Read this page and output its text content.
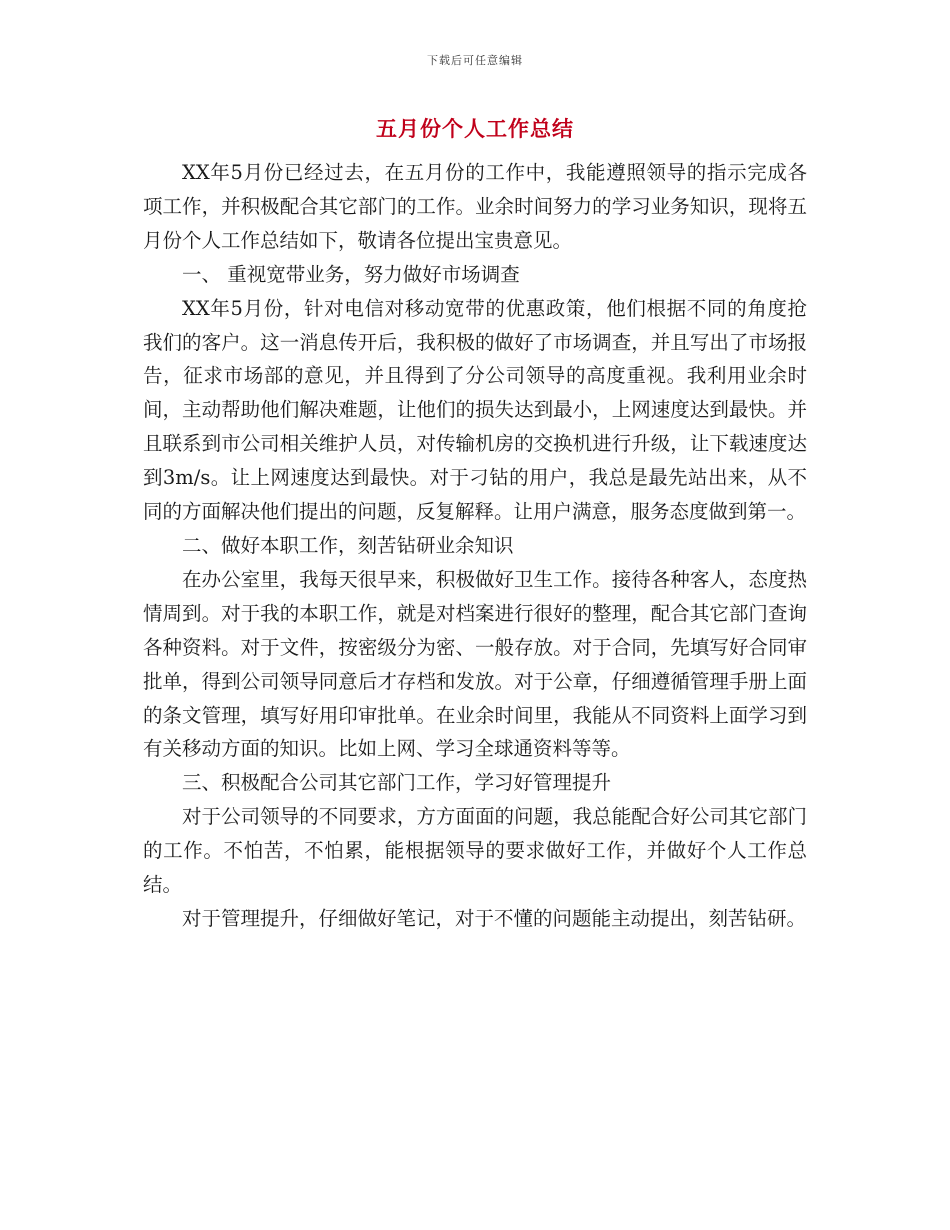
下载后可任意编辑
五月份个人工作总结

XX年5月份已经过去，在五月份的工作中，我能遵照领导的指示完成各项工作，并积极配合其它部门的工作。业余时间努力的学习业务知识，现将五月份个人工作总结如下，敬请各位提出宝贵意见。

一、 重视宽带业务，努力做好市场调查

XX年5月份，针对电信对移动宽带的优惠政策，他们根据不同的角度抢我们的客户。这一消息传开后，我积极的做好了市场调查，并且写出了市场报告，征求市场部的意见，并且得到了分公司领导的高度重视。我利用业余时间，主动帮助他们解决难题，让他们的损失达到最小，上网速度达到最快。并且联系到市公司相关维护人员，对传输机房的交换机进行升级，让下载速度达到3m/s。让上网速度达到最快。对于刁钻的用户，我总是最先站出来，从不同的方面解决他们提出的问题，反复解释。让用户满意，服务态度做到第一。

二、做好本职工作，刻苦钻研业余知识

在办公室里，我每天很早来，积极做好卫生工作。接待各种客人，态度热情周到。对于我的本职工作，就是对档案进行很好的整理，配合其它部门查询各种资料。对于文件，按密级分为密、一般存放。对于合同，先填写好合同审批单，得到公司领导同意后才存档和发放。对于公章，仔细遵循管理手册上面的条文管理，填写好用印审批单。在业余时间里，我能从不同资料上面学习到有关移动方面的知识。比如上网、学习全球通资料等等。

三、积极配合公司其它部门工作，学习好管理提升

对于公司领导的不同要求，方方面面的问题，我总能配合好公司其它部门的工作。不怕苦，不怕累，能根据领导的要求做好工作，并做好个人工作总结。

对于管理提升，仔细做好笔记，对于不懂的问题能主动提出，刻苦钻研。
